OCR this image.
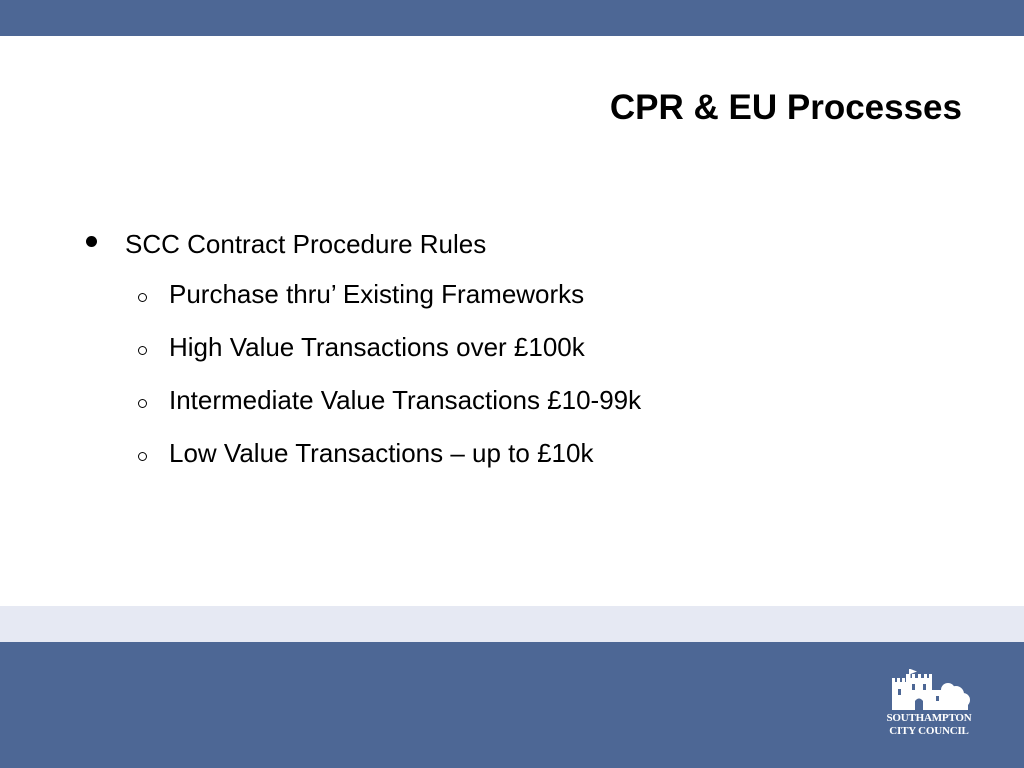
CPR & EU Processes
SCC Contract Procedure Rules
Purchase thru’ Existing Frameworks
High Value Transactions over £100k
Intermediate Value Transactions £10-99k
Low Value Transactions – up to £10k
SOUTHAMPTON
CITY COUNCIL
